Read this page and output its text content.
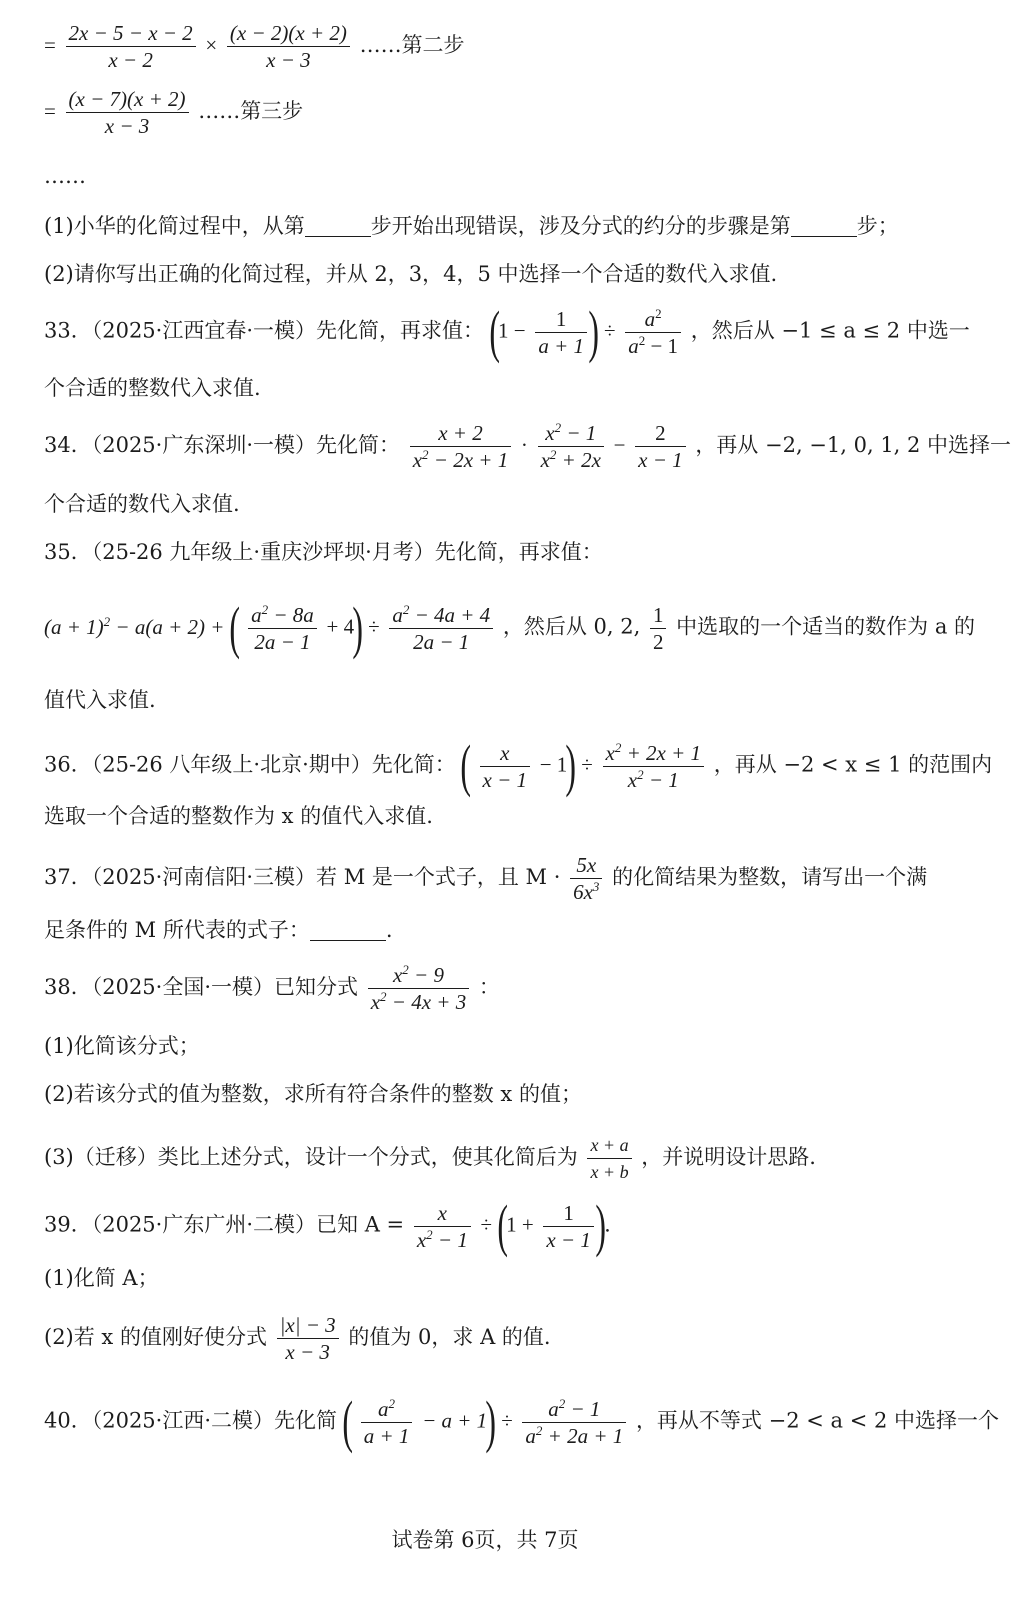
= $\frac{2x - 5 - x - 2}{x - 2} \times \frac{(x - 2)(x + 2)}{x - 3}$ ……第二步
= $\frac{(x - 7)(x + 2)}{x - 3}$ ……第三步
……
(1)小华的化简过程中，从第	步开始出现错误，涉及分式的约分的步骤是第	步；
(2)请你写出正确的化简过程，并从 2，3，4，5 中选择一个合适的数代入求值.
33．（2025·江西宜春·一模）先化简，再求值： ($1 - \frac{1}{a + 1}$ ) ÷ $\frac{a^2}{a^2 - 1}$ ，然后从 −1 ≤ a ≤ 2 中选一
个合适的整数代入求值.
34．（2025·广东深圳·一模）先化简： $\frac{x + 2}{x^2 - 2x + 1} \cdot \frac{x^2 - 1}{x^2 + 2x} - \frac{2}{x - 1}$ ，再从 −2, −1, 0, 1, 2 中选择一
个合适的数代入求值.
35．（25-26 九年级上·重庆沙坪坝·月考）先化简，再求值：
$(a + 1)^2 - a(a + 2)$ + ( $\frac{a^2 - 8a}{2a - 1} + 4) \div \frac{a^2 - 4a + 4}{2a - 1}$ ，然后从 0, 2, $\frac{1}{2}$ 中选取的一个适当的数作为 a 的
值代入求值.
36．（25-26 八年级上·北京·期中）先化简： ( $\frac{x}{x - 1} - 1) \div \frac{x^2 + 2x + 1}{x^2 - 1}$ ，再从 −2 < x ≤ 1 的范围内
选取一个合适的整数作为 x 的值代入求值.
37．（2025·河南信阳·三模）若 M 是一个式子，且 $M \cdot \frac{5x}{6x^3}$ 的化简结果为整数，请写出一个满
足条件的 M 所代表的式子：	.
38．（2025·全国·一模）已知分式 $\frac{x^2 - 9}{x^2 - 4x + 3}$ ：
(1)化简该分式；
(2)若该分式的值为整数，求所有符合条件的整数 x 的值；
(3)（迁移）类比上述分式，设计一个分式，使其化简后为 $\frac{x + a}{x + b}$ ，并说明设计思路.
39．（2025·广东广州·二模）已知 $A = \frac{x}{x^2 - 1} \div (1 + \frac{1}{x - 1}$ ).
(1)化简 A；
(2)若 x 的值刚好使分式 $\frac{|x| - 3}{x - 3}$ 的值为 0，求 A 的值.
40．（2025·江西·二模）先化简 ( $\frac{a^2}{a + 1} - a + 1) \div \frac{a^2 - 1}{a^2 + 2a + 1}$ ，再从不等式 −2 < a < 2 中选择一个
试卷第 6页，共 7页
